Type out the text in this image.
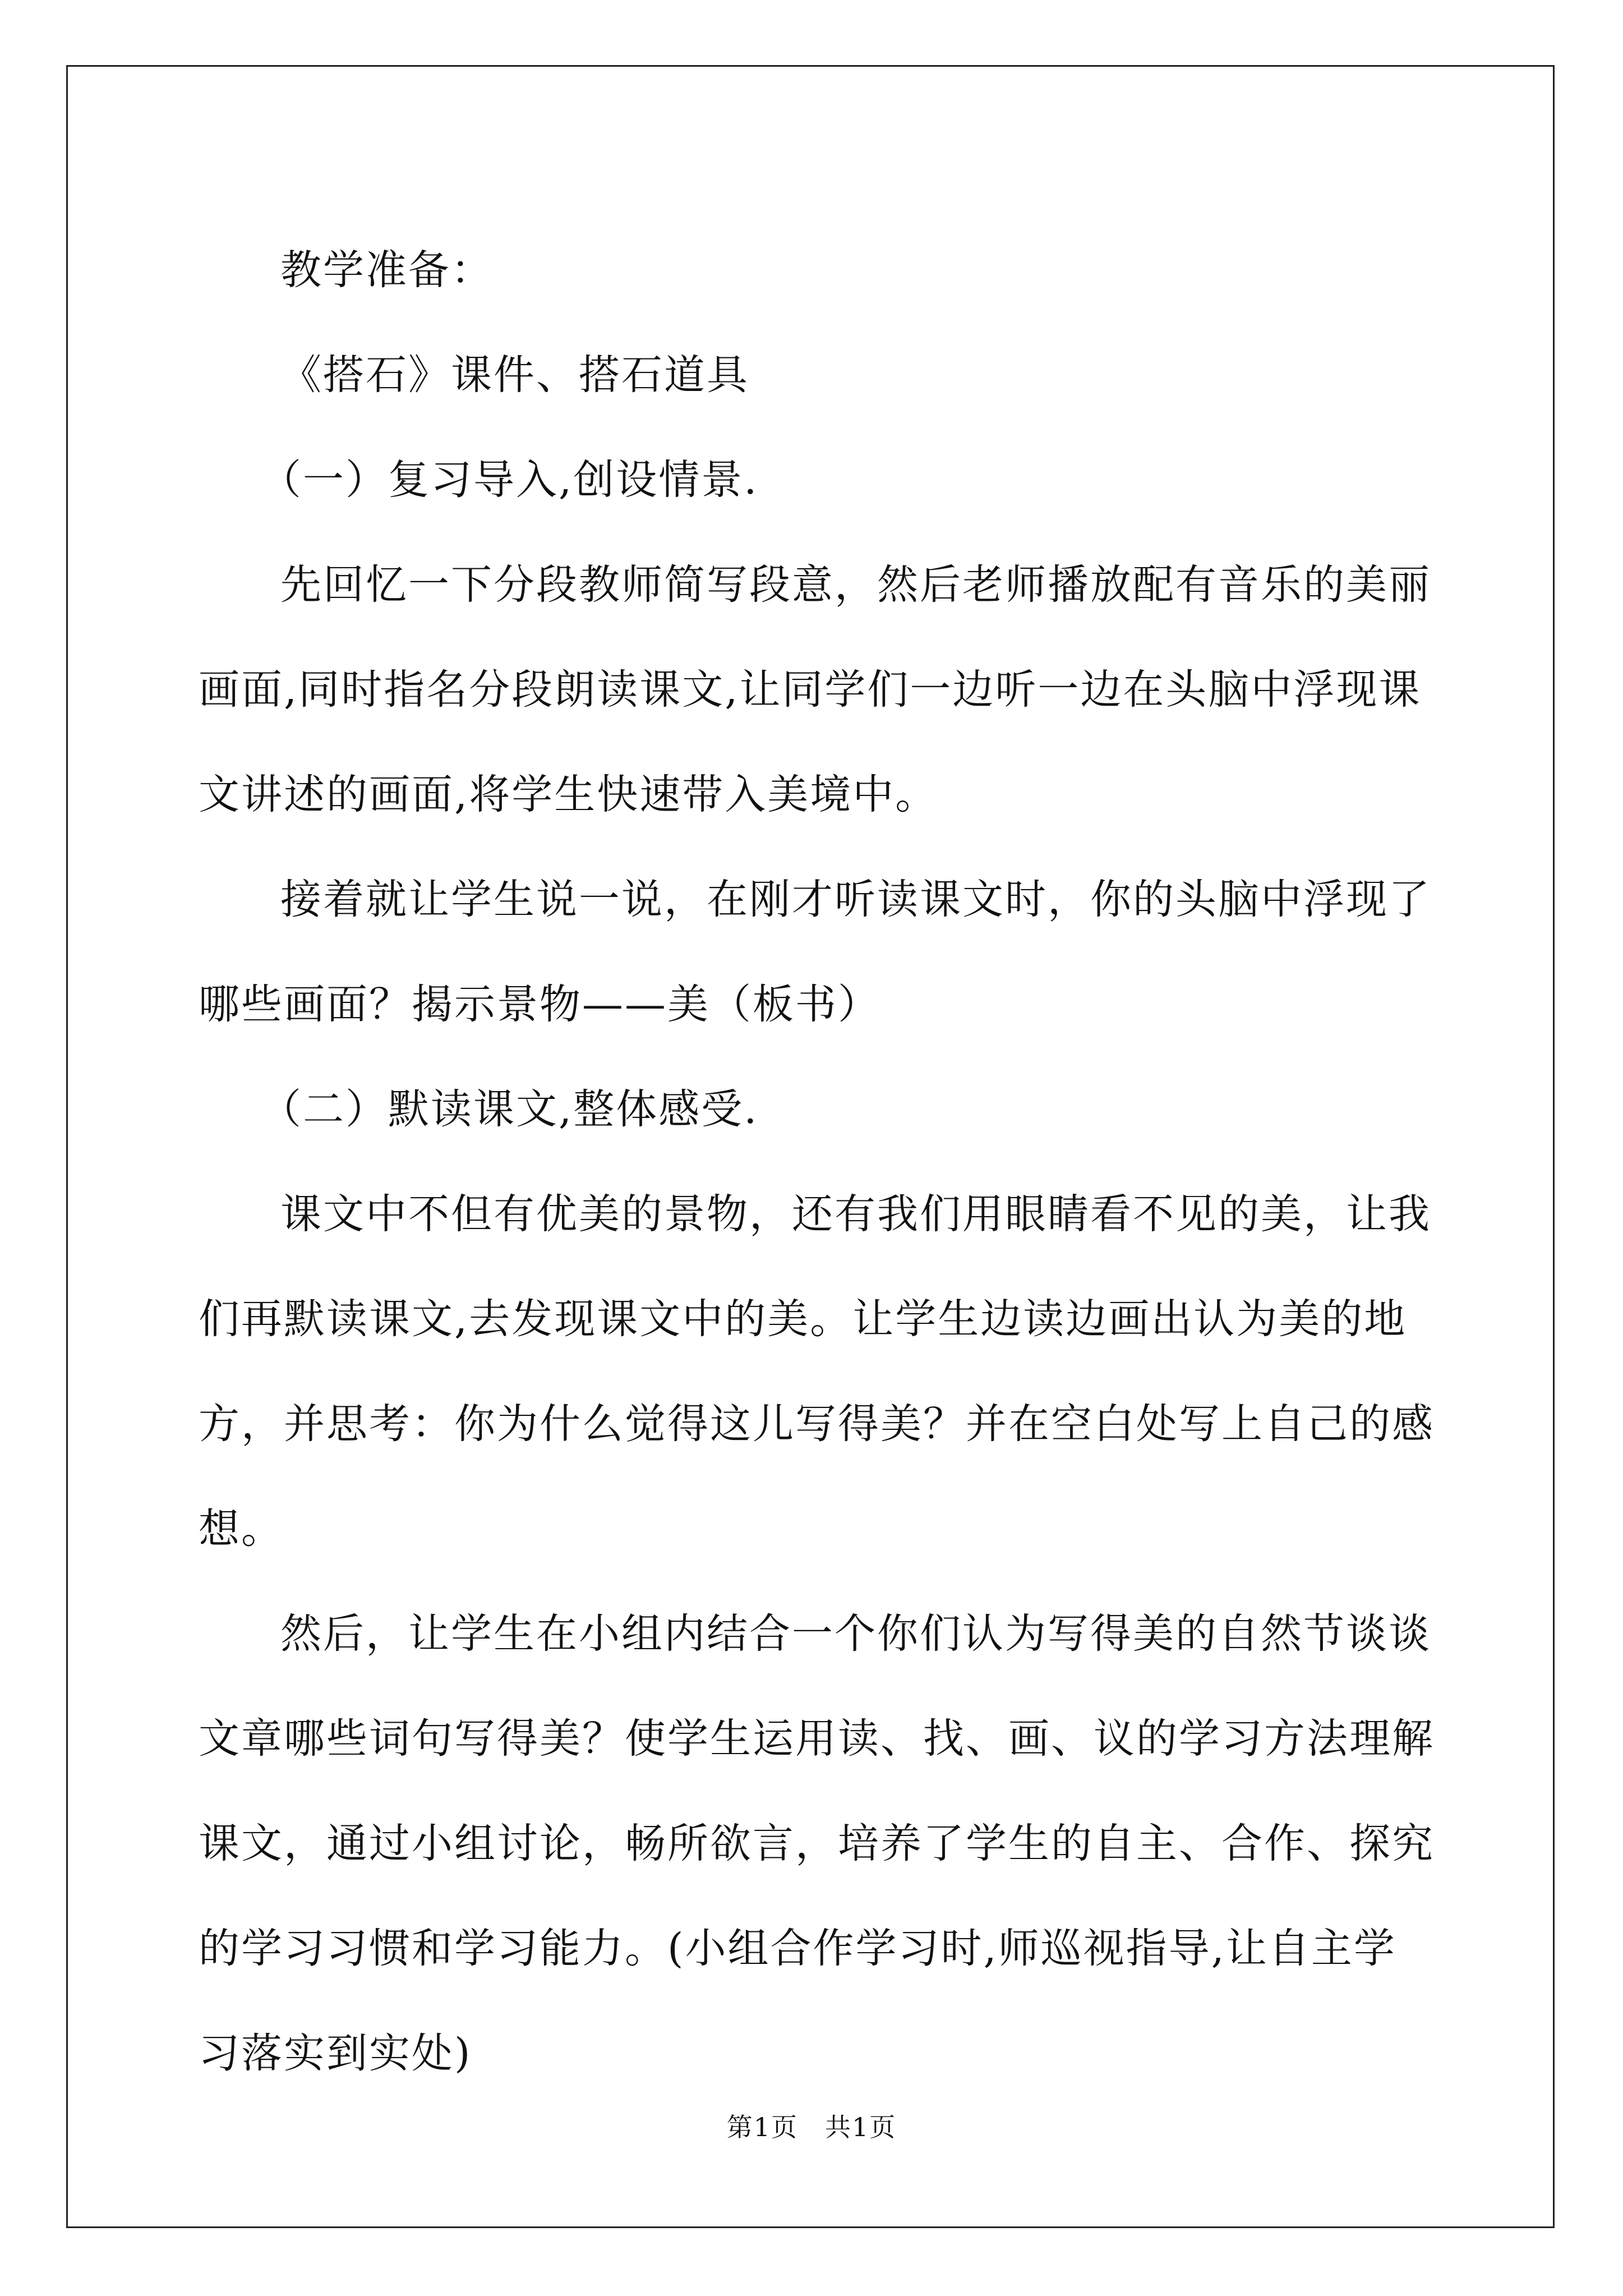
教学准备：

《搭石》课件、搭石道具

（一）复习导入,创设情景.

先回忆一下分段教师简写段意，然后老师播放配有音乐的美丽画面,同时指名分段朗读课文,让同学们一边听一边在头脑中浮现课文讲述的画面,将学生快速带入美境中。

接着就让学生说一说，在刚才听读课文时，你的头脑中浮现了哪些画面？揭示景物——美（板书）

（二）默读课文,整体感受.

课文中不但有优美的景物，还有我们用眼睛看不见的美，让我们再默读课文,去发现课文中的美。让学生边读边画出认为美的地方，并思考：你为什么觉得这儿写得美？并在空白处写上自己的感想。

然后，让学生在小组内结合一个你们认为写得美的自然节谈谈文章哪些词句写得美？使学生运用读、找、画、议的学习方法理解课文，通过小组讨论，畅所欲言，培养了学生的自主、合作、探究的学习习惯和学习能力。(小组合作学习时,师巡视指导,让自主学习落实到实处)

第1页　共1页
